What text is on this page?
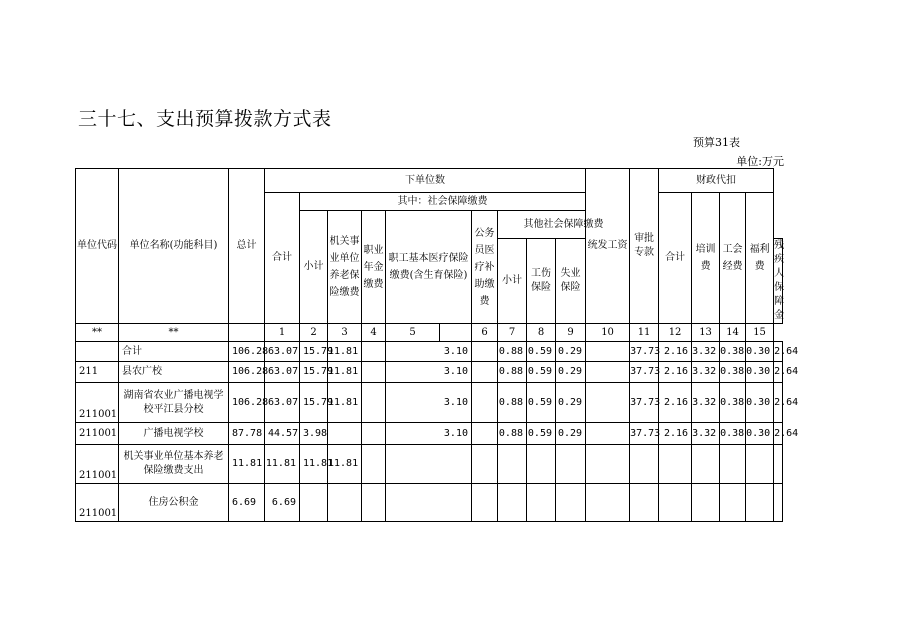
三十七、支出预算拨款方式表
预算31表
单位:万元
单位代码	单位名称(功能科目)	总计	下单位数										统发工资	审批专款	财政代扣				
			合计	其中：社会保障缴费											合计	培训费	工会经费	福利费	
				小计	机关事业单位养老保险缴费	职业年金缴费	职工基本医疗保险缴费(含生育保险)		公务员医疗补助缴费	其他社会保障缴费									
										小计	工伤保险	失业保险							残疾人保障金
**	**		1	2	3	4	5		6	7	8	9	10	11	12	13	14	15	
	合计	106.28	63.07	15.79	11.81		3.10			0.88	0.59	0.29		37.73	2.16	3.32	0.38	0.30	2.64
211	县农广校	106.28	63.07	15.79	11.81		3.10			0.88	0.59	0.29		37.73	2.16	3.32	0.38	0.30	2.64
211001	湖南省农业广播电视学校平江县分校	106.28	63.07	15.79	11.81		3.10			0.88	0.59	0.29		37.73	2.16	3.32	0.38	0.30	2.64
211001	广播电视学校	87.78	44.57	3.98			3.10			0.88	0.59	0.29		37.73	2.16	3.32	0.38	0.30	2.64
211001	机关事业单位基本养老保险缴费支出	11.81	11.81	11.81	11.81														
211001	住房公积金	6.69	6.69																
